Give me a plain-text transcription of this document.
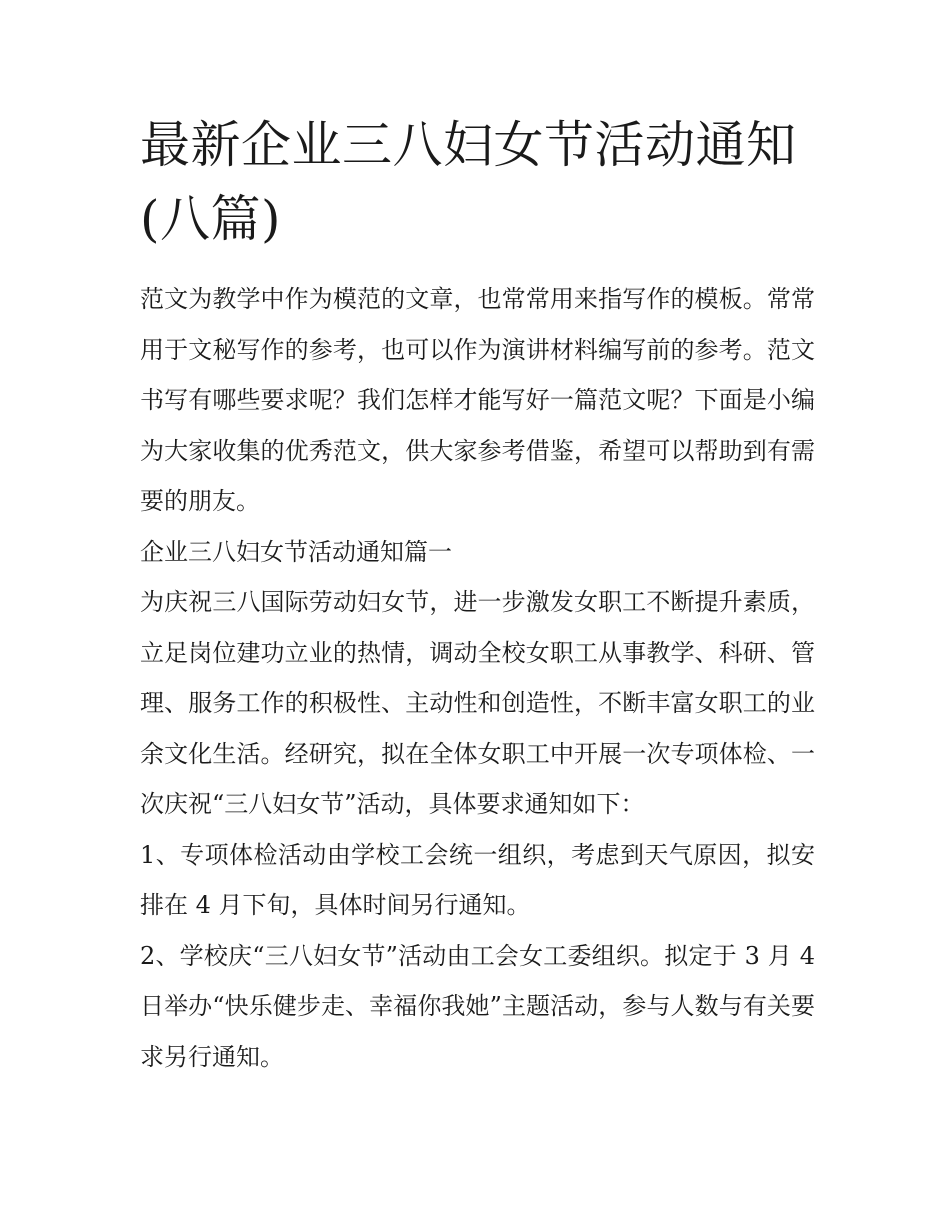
最新企业三八妇女节活动通知(八篇)

范文为教学中作为模范的文章，也常常用来指写作的模板。常常用于文秘写作的参考，也可以作为演讲材料编写前的参考。范文书写有哪些要求呢？我们怎样才能写好一篇范文呢？下面是小编为大家收集的优秀范文，供大家参考借鉴，希望可以帮助到有需要的朋友。

企业三八妇女节活动通知篇一

为庆祝三八国际劳动妇女节，进一步激发女职工不断提升素质，立足岗位建功立业的热情，调动全校女职工从事教学、科研、管理、服务工作的积极性、主动性和创造性，不断丰富女职工的业余文化生活。经研究，拟在全体女职工中开展一次专项体检、一次庆祝“三八妇女节”活动，具体要求通知如下：

1、专项体检活动由学校工会统一组织，考虑到天气原因，拟安排在 4 月下旬，具体时间另行通知。

2、学校庆“三八妇女节”活动由工会女工委组织。拟定于 3 月 4 日举办“快乐健步走、幸福你我她”主题活动，参与人数与有关要求另行通知。
